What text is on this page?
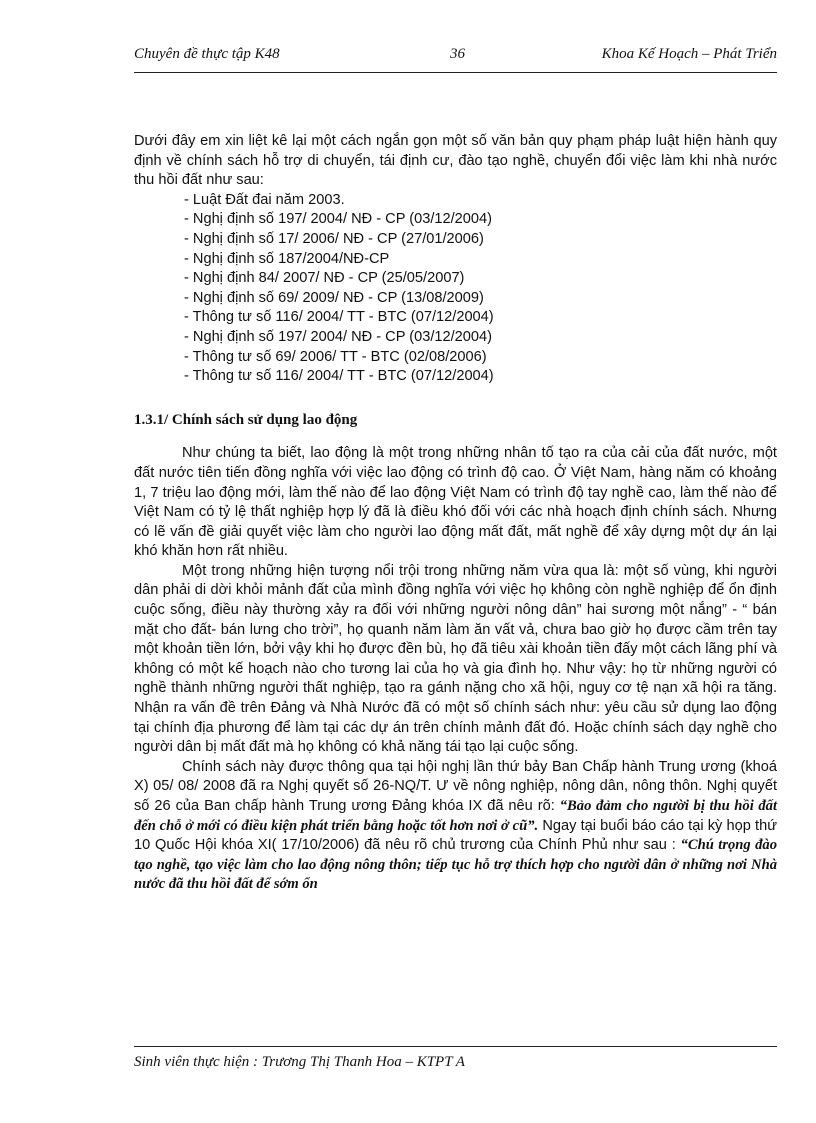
Chuyên đề thực tập K48	36	Khoa Kế Hoạch – Phát Triển

Dưới đây em xin liệt kê lại một cách ngắn gọn một số văn bản quy phạm pháp luật hiện hành quy định về chính sách hỗ trợ di chuyển, tái định cư, đào tạo nghề, chuyển đổi việc làm khi nhà nước thu hồi đất như sau:

- Luật Đất đai năm 2003.
- Nghị định số 197/ 2004/ NĐ - CP (03/12/2004)
- Nghị định số 17/ 2006/ NĐ - CP (27/01/2006)
- Nghị định số 187/2004/NĐ-CP
- Nghị định 84/ 2007/ NĐ - CP (25/05/2007)
- Nghị định số 69/ 2009/ NĐ - CP (13/08/2009)
- Thông tư số 116/ 2004/ TT - BTC (07/12/2004)
- Nghị định số 197/ 2004/ NĐ - CP (03/12/2004)
- Thông tư số 69/ 2006/ TT - BTC (02/08/2006)
- Thông tư số 116/ 2004/ TT - BTC (07/12/2004)
1.3.1/ Chính sách sử dụng lao động

Như chúng ta biết, lao động là một trong những nhân tố tạo ra của cải của đất nước, một đất nước tiên tiến đồng nghĩa với việc lao động có trình độ cao. Ở Việt Nam, hàng năm có khoảng 1, 7 triệu lao động mới, làm thế nào để lao động Việt Nam có trình độ tay nghề cao, làm thế nào để Việt Nam có tỷ lệ thất nghiệp hợp lý đã là điều khó đối với các nhà hoạch định chính sách. Nhưng có lẽ vấn đề giải quyết việc làm cho người lao động mất đất, mất nghề để xây dựng một dự án lại khó khăn hơn rất nhiều.

Một trong những hiện tượng nổi trội trong những năm vừa qua là: một số vùng, khi người dân phải di dời khỏi mảnh đất của mình đồng nghĩa với việc họ không còn nghề nghiệp để ổn định cuộc sống, điều này thường xảy ra đối với những người nông dân” hai sương một nắng” - “ bán mặt cho đất- bán lưng cho trời”, họ quanh năm làm ăn vất vả, chưa bao giờ họ được cầm trên tay một khoản tiền lớn, bởi vậy khi họ được đền bù, họ đã tiêu xài khoản tiền đấy một cách lãng phí và không có một kế hoạch nào cho tương lai của họ và gia đình họ. Như vậy: họ từ những người có nghề thành những người thất nghiệp, tạo ra gánh nặng cho xã hội, nguy cơ tệ nạn xã hội ra tăng. Nhận ra vấn đề trên Đảng và Nhà Nước đã có một số chính sách như: yêu cầu sử dụng lao động tại chính địa phương để làm tại các dự án trên chính mảnh đất đó. Hoặc chính sách dạy nghề cho người dân bị mất đất mà họ không có khả năng tái tạo lại cuộc sống.

Chính sách này được thông qua tại hội nghị lần thứ bảy Ban Chấp hành Trung ương (khoá X) 05/ 08/ 2008 đã ra Nghị quyết số 26-NQ/T. Ư về nông nghiệp, nông dân, nông thôn. Nghị quyết số 26 của Ban chấp hành Trung ương Đảng khóa IX đã nêu rõ: “Bảo đảm cho người bị thu hồi đất đến chỗ ở mới có điều kiện phát triển bằng hoặc tốt hơn nơi ở cũ”. Ngay tại buổi báo cáo tại kỳ họp thứ 10 Quốc Hội khóa XI( 17/10/2006) đã nêu rõ chủ trương của Chính Phủ như sau : “Chú trọng đào tạo nghề, tạo việc làm cho lao động nông thôn; tiếp tục hỗ trợ thích hợp cho người dân ở những nơi Nhà nước đã thu hồi đất để sớm ổn

Sinh viên thực hiện : Trương Thị Thanh Hoa – KTPT A
